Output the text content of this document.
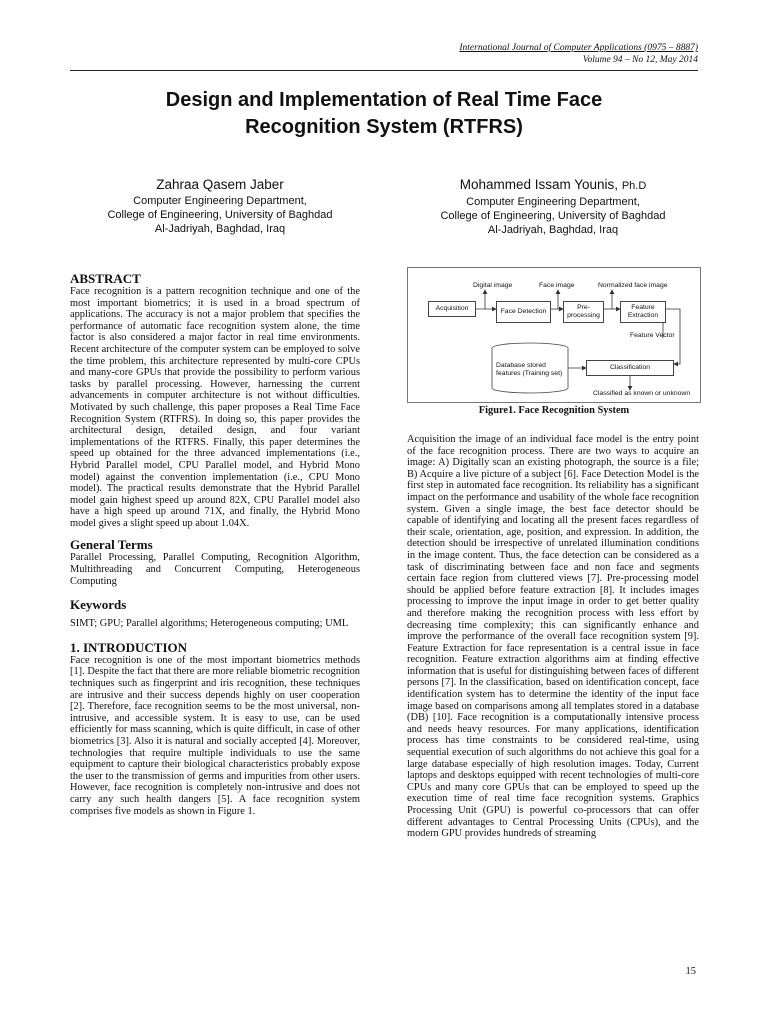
International Journal of Computer Applications (0975 – 8887)
Volume 94 – No 12, May 2014
Design and Implementation of Real Time Face
Recognition System (RTFRS)
Zahraa Qasem Jaber
Computer Engineering Department,
College of Engineering, University of Baghdad
Al-Jadriyah, Baghdad, Iraq
Mohammed Issam Younis, Ph.D
Computer Engineering Department,
College of Engineering, University of Baghdad
Al-Jadriyah, Baghdad, Iraq
ABSTRACT

Face recognition is a pattern recognition technique and one of the most important biometrics; it is used in a broad spectrum of applications. The accuracy is not a major problem that specifies the performance of automatic face recognition system alone, the time factor is also considered a major factor in real time environments. Recent architecture of the computer system can be employed to solve the time problem, this architecture represented by multi-core CPUs and many-core GPUs that provide the possibility to perform various tasks by parallel processing. However, harnessing the current advancements in computer architecture is not without difficulties. Motivated by such challenge, this paper proposes a Real Time Face Recognition System (RTFRS). In doing so, this paper provides the architectural design, detailed design, and four variant implementations of the RTFRS. Finally, this paper determines the speed up obtained for the three advanced implementations (i.e., Hybrid Parallel model, CPU Parallel model, and Hybrid Mono model) against the convention implementation (i.e., CPU Mono model). The practical results demonstrate that the Hybrid Parallel model gain highest speed up around 82X, CPU Parallel model also have a high speed up around 71X, and finally, the Hybrid Mono model gives a slight speed up about 1.04X.

General Terms

Parallel Processing, Parallel Computing, Recognition Algorithm, Multithreading and Concurrent Computing, Heterogeneous Computing

Keywords

SIMT; GPU; Parallel algorithms; Heterogeneous computing; UML

1. INTRODUCTION

Face recognition is one of the most important biometrics methods [1]. Despite the fact that there are more reliable biometric recognition techniques such as fingerprint and iris recognition, these techniques are intrusive and their success depends highly on user cooperation [2]. Therefore, face recognition seems to be the most universal, non-intrusive, and accessible system. It is easy to use, can be used efficiently for mass scanning, which is quite difficult, in case of other biometrics [3]. Also it is natural and socially accepted [4]. Moreover, technologies that require multiple individuals to use the same equipment to capture their biological characteristics probably expose the user to the transmission of germs and impurities from other users. However, face recognition is completely non-intrusive and does not carry any such health dangers [5]. A face recognition system comprises five models as shown in Figure 1.

Digital image	Face image	Normalized face image
Feature Vector
Classified as known or unknown
Acquisition	Face Detection
Pre-processing
Feature Extraction
Database stored features (Training set)
Classification
Figure1. Face Recognition System

Acquisition the image of an individual face model is the entry point of the face recognition process. There are two ways to acquire an image: A) Digitally scan an existing photograph, the source is a file; B) Acquire a live picture of a subject [6]. Face Detection Model is the first step in automated face recognition. Its reliability has a significant impact on the performance and usability of the whole face recognition system. Given a single image, the best face detector should be capable of identifying and locating all the present faces regardless of their scale, orientation, age, position, and expression. In addition, the detection should be irrespective of unrelated illumination conditions in the image content. Thus, the face detection can be considered as a task of discriminating between face and non face and segments certain face region from cluttered views [7]. Pre-processing model should be applied before feature extraction [8]. It includes images processing to improve the input image in order to get better quality and therefore making the recognition process with less effort by decreasing time complexity; this can significantly enhance and improve the performance of the overall face recognition system [9]. Feature Extraction for face representation is a central issue in face recognition. Feature extraction algorithms aim at finding effective information that is useful for distinguishing between faces of different persons [7]. In the classification, based on identification concept, face identification system has to determine the identity of the input face image based on comparisons among all templates stored in a database (DB) [10]. Face recognition is a computationally intensive process and needs heavy resources. For many applications, identification process has time constraints to be considered real-time, using sequential execution of such algorithms do not achieve this goal for a large database especially of high resolution images. Today, Current laptops and desktops equipped with recent technologies of multi-core CPUs and many core GPUs that can be employed to speed up the execution time of real time face recognition systems. Graphics Processing Unit (GPU) is powerful co-processors that can offer different advantages to Central Processing Units (CPUs), and the modern GPU provides hundreds of streaming

15
